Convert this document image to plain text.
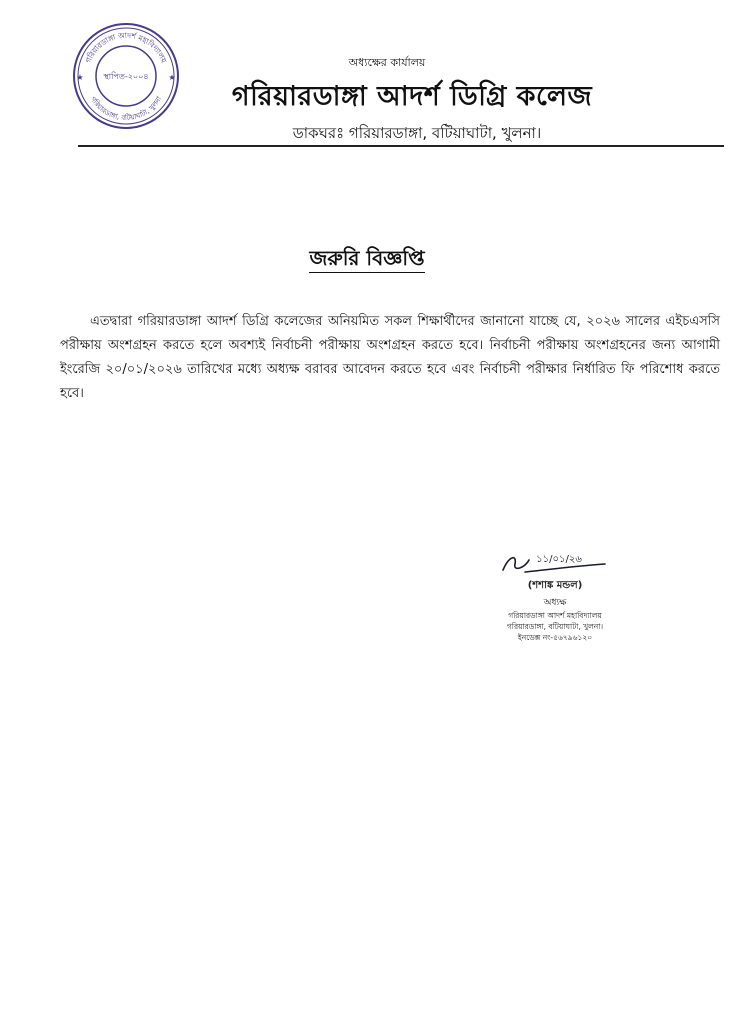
গরিয়ারডাঙ্গা আদর্শ মহাবিদ্যালয়
গরিয়ারডাঙ্গা, বটিয়াঘাটা, খুলনা
স্থাপিত-২০০৪
★	★
অধ্যক্ষের কার্যালয়
গরিয়ারডাঙ্গা আদর্শ ডিগ্রি কলেজ
ডাকঘরঃ গরিয়ারডাঙ্গা, বটিয়াঘাটা, খুলনা।
জরুরি বিজ্ঞপ্তি

এতদ্বারা গরিয়ারডাঙ্গা আদর্শ ডিগ্রি কলেজের অনিয়মিত সকল শিক্ষার্থীদের জানানো যাচ্ছে যে, ২০২৬ সালের এইচএসসি পরীক্ষায় অংশগ্রহন করতে হলে অবশ্যই নির্বাচনী পরীক্ষায় অংশগ্রহন করতে হবে। নির্বাচনী পরীক্ষায় অংশগ্রহনের জন্য আগামী ইংরেজি ২০/০১/২০২৬ তারিখের মধ্যে অধ্যক্ষ বরাবর আবেদন করতে হবে এবং নির্বাচনী পরীক্ষার নির্ধারিত ফি পরিশোধ করতে হবে।

১১/০১/২৬
(শশাঙ্ক মন্ডল)
অধ্যক্ষ
গরিয়ারডাঙ্গা আদর্শ মহাবিদ্যালয়
গরিয়ারডাঙ্গা, বটিয়াঘাটা, খুলনা।
ইনডেক্স নং-৫৬৭৯৬১২০
